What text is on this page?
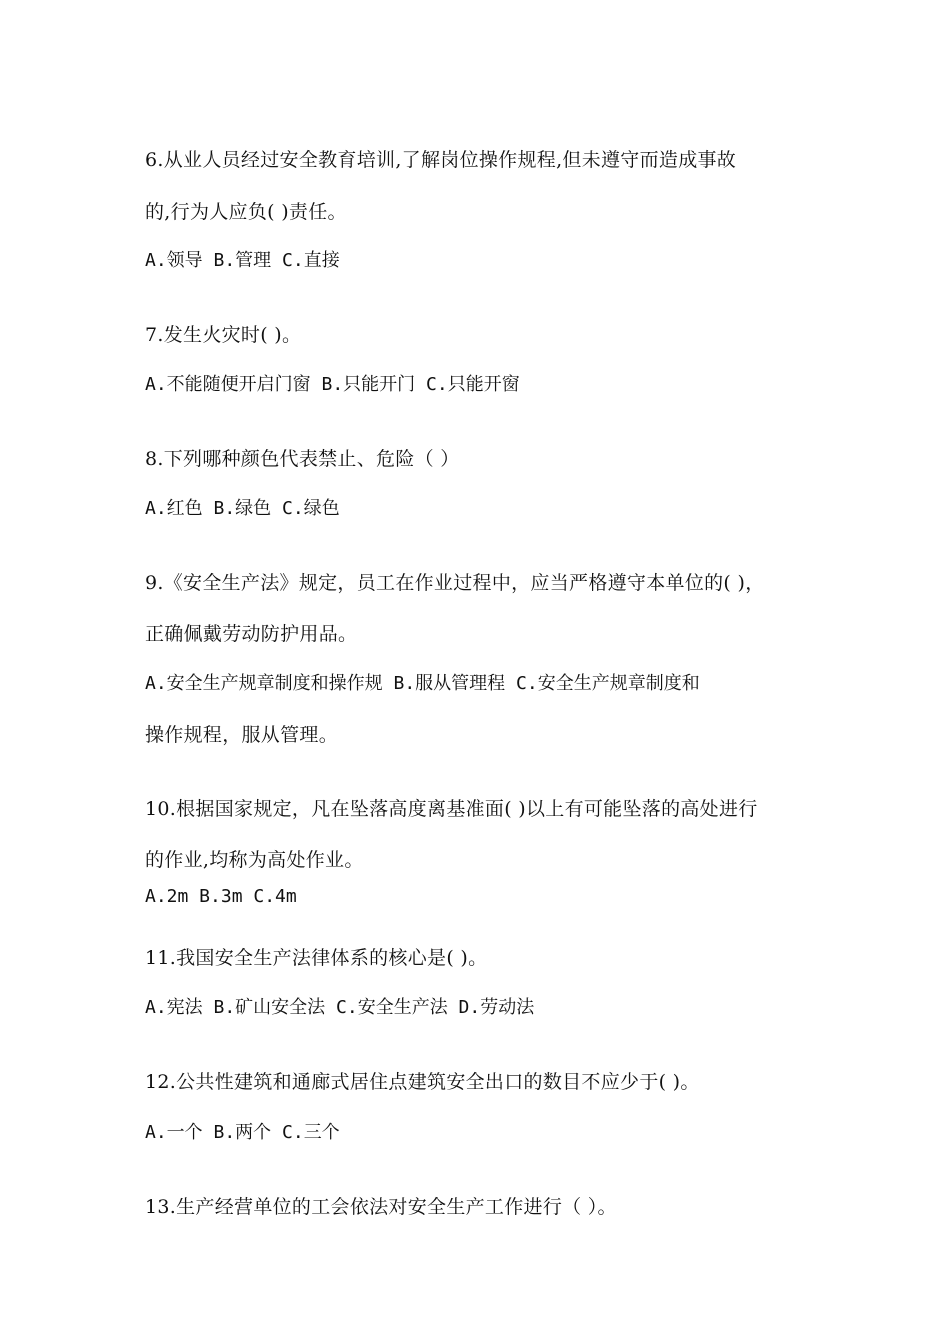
6.从业人员经过安全教育培训,了解岗位操作规程,但未遵守而造成事故
的,行为人应负( )责任。
A.领导 B.管理 C.直接
7.发生火灾时( )。
A.不能随便开启门窗 B.只能开门 C.只能开窗
8.下列哪种颜色代表禁止、危险（ ）
A.红色 B.绿色 C.绿色
9.《安全生产法》规定，员工在作业过程中，应当严格遵守本单位的( )，
正确佩戴劳动防护用品。
A.安全生产规章制度和操作规 B.服从管理程 C.安全生产规章制度和
操作规程，服从管理。
10.根据国家规定，凡在坠落高度离基准面( )以上有可能坠落的高处进行
的作业,均称为高处作业。
A.2m B.3m C.4m
11.我国安全生产法律体系的核心是( )。
A.宪法 B.矿山安全法 C.安全生产法 D.劳动法
12.公共性建筑和通廊式居住点建筑安全出口的数目不应少于( )。
A.一个 B.两个 C.三个
13.生产经营单位的工会依法对安全生产工作进行（ ）。
